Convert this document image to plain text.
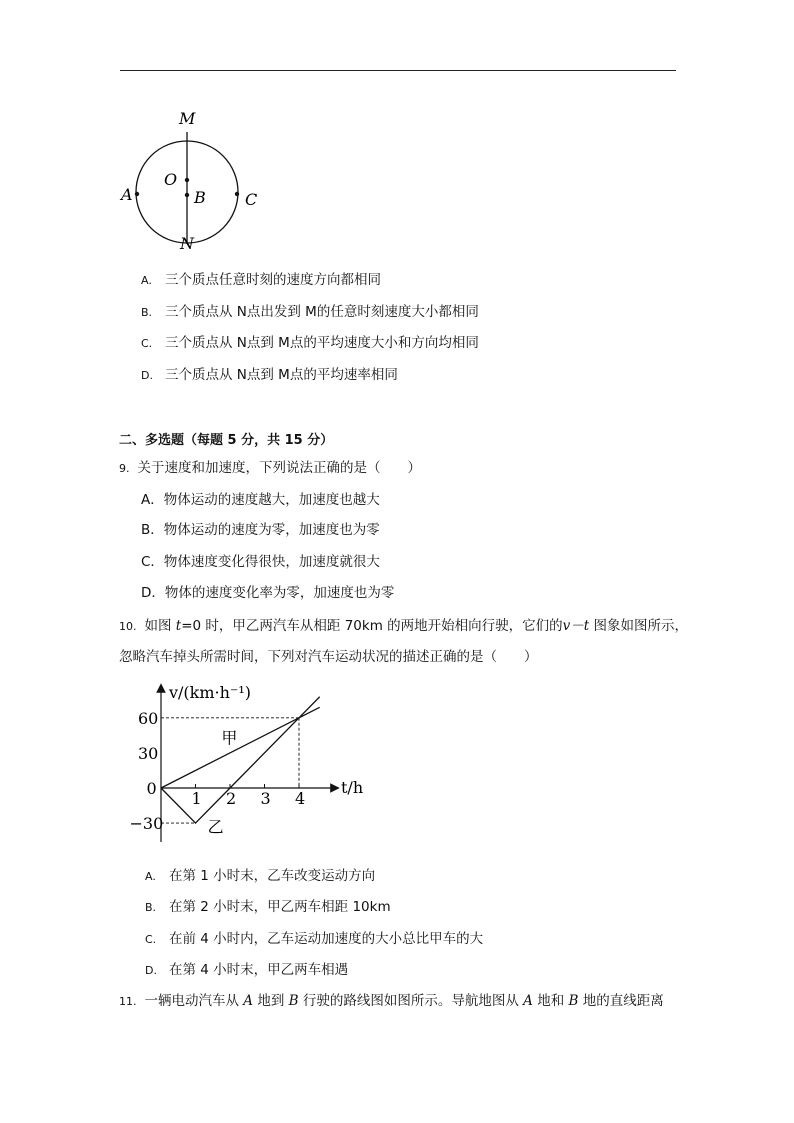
M
O
B
A	C
N
A. 三个质点任意时刻的速度方向都相同
B. 三个质点从 N点出发到 M的任意时刻速度大小都相同
C. 三个质点从 N点到 M点的平均速度大小和方向均相同
D. 三个质点从 N点到 M点的平均速率相同
二、多选题（每题 5 分，共 15 分）
9. 关于速度和加速度，下列说法正确的是（　　）
A．物体运动的速度越大，加速度也越大
B．物体运动的速度为零，加速度也为零
C．物体速度变化得很快，加速度就很大
D．物体的速度变化率为零，加速度也为零
10. 如图 t=0 时，甲乙两汽车从相距 70km 的两地开始相向行驶，它们的v－t 图象如图所示，
忽略汽车掉头所需时间，下列对汽车运动状况的描述正确的是（　　）
1 2 3 4
60
30
0
−30
v/(km·h⁻¹)
t/h
甲
乙
A. 在第 1 小时末，乙车改变运动方向
B. 在第 2 小时末，甲乙两车相距 10km
C. 在前 4 小时内，乙车运动加速度的大小总比甲车的大
D. 在第 4 小时末，甲乙两车相遇
11. 一辆电动汽车从 A 地到 B 行驶的路线图如图所示。导航地图从 A 地和 B 地的直线距离
